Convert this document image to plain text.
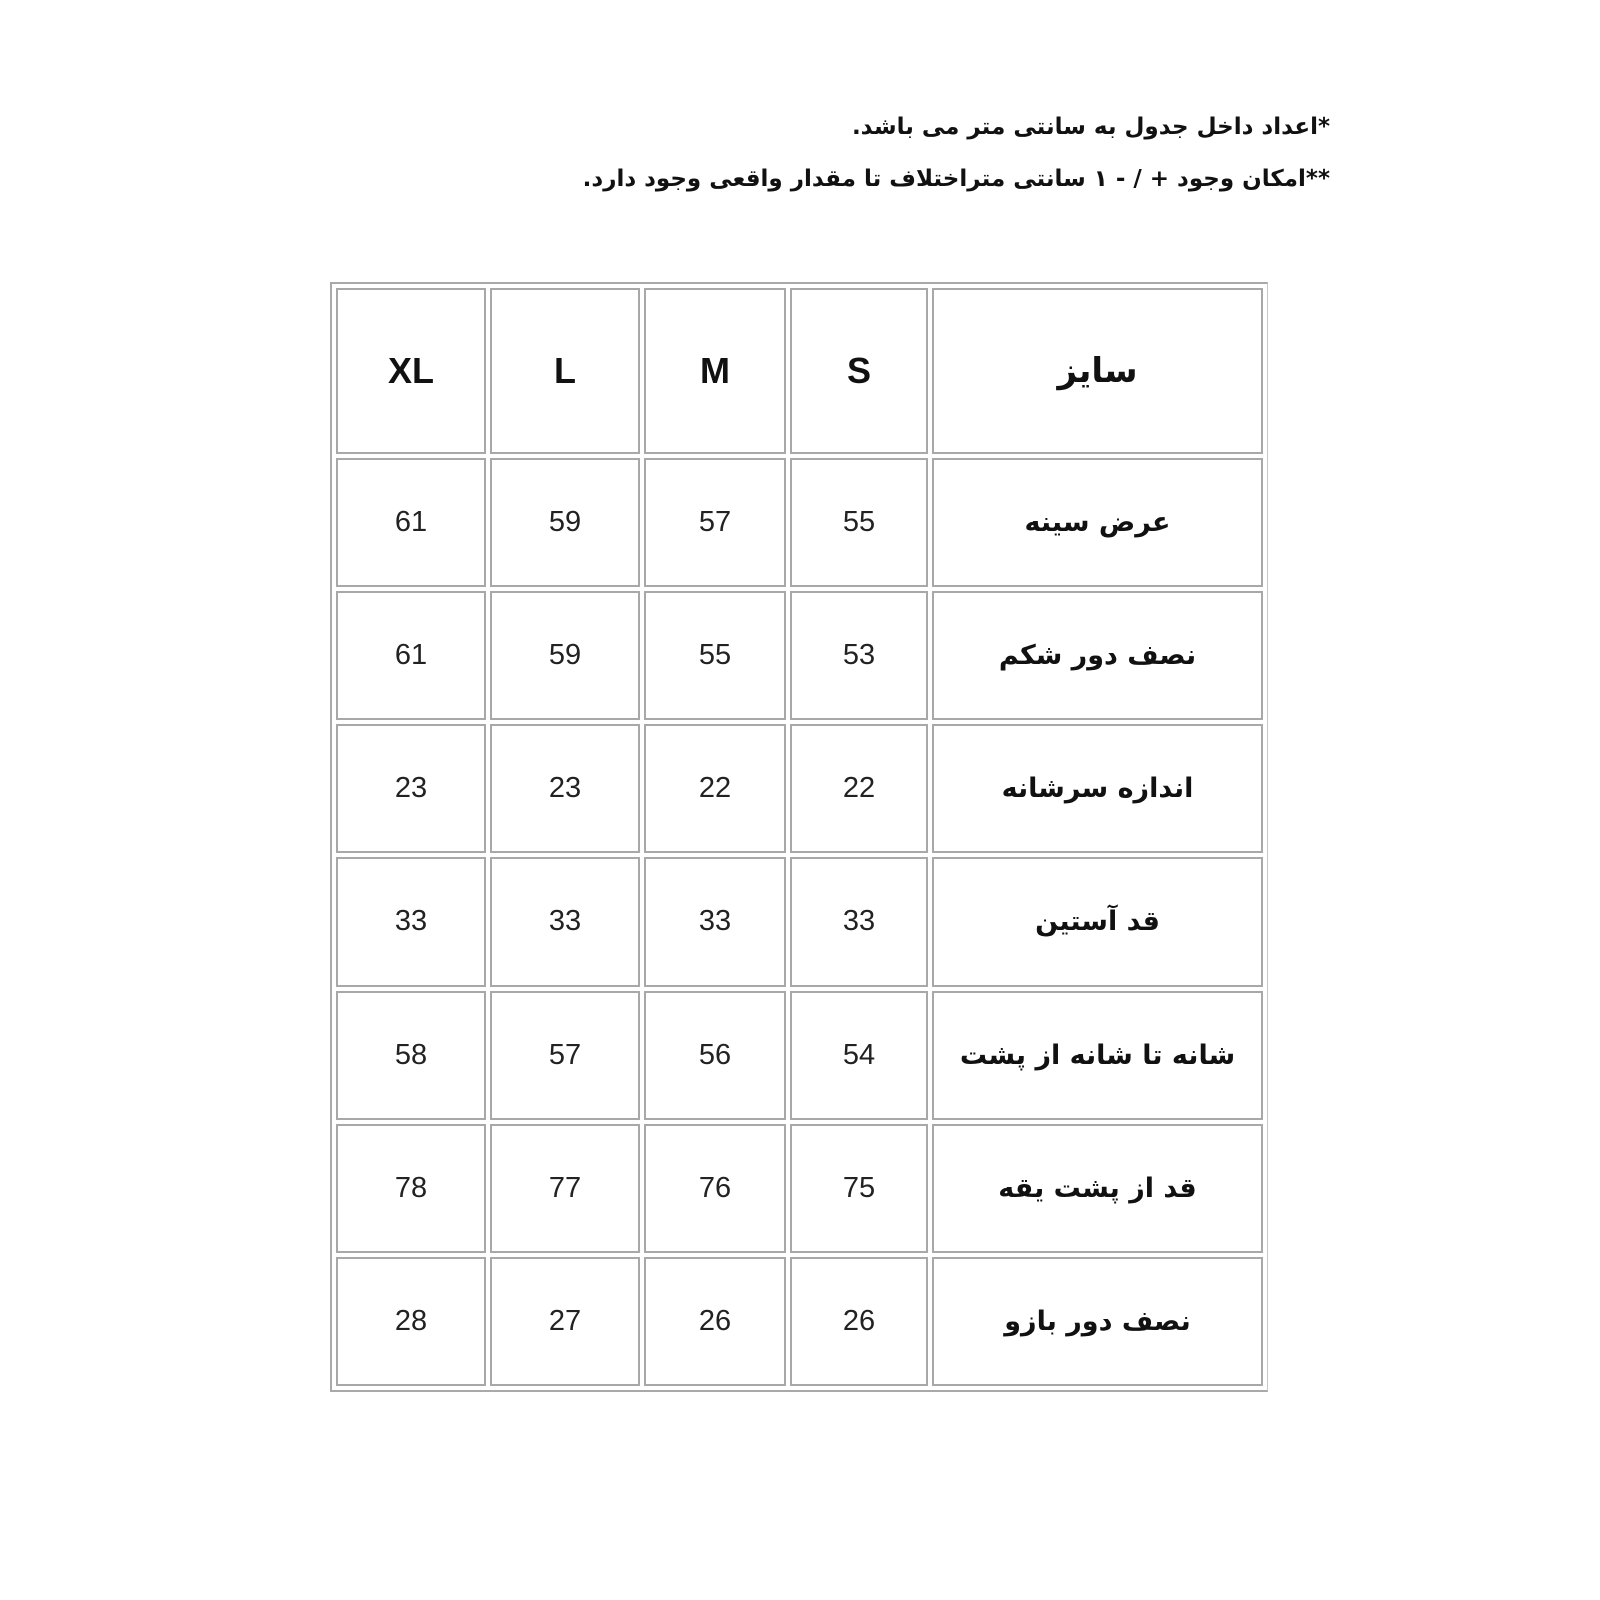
*اعداد داخل جدول به سانتی متر می باشد.
**امکان وجود + / - ۱ سانتی متراختلاف تا مقدار واقعی وجود دارد.
XL	L	M	S	سایز
61	59	57	55	عرض سینه
61	59	55	53	نصف دور شکم
23	23	22	22	اندازه سرشانه
33	33	33	33	قد آستین
58	57	56	54	شانه تا شانه از پشت
78	77	76	75	قد از پشت یقه
28	27	26	26	نصف دور بازو
